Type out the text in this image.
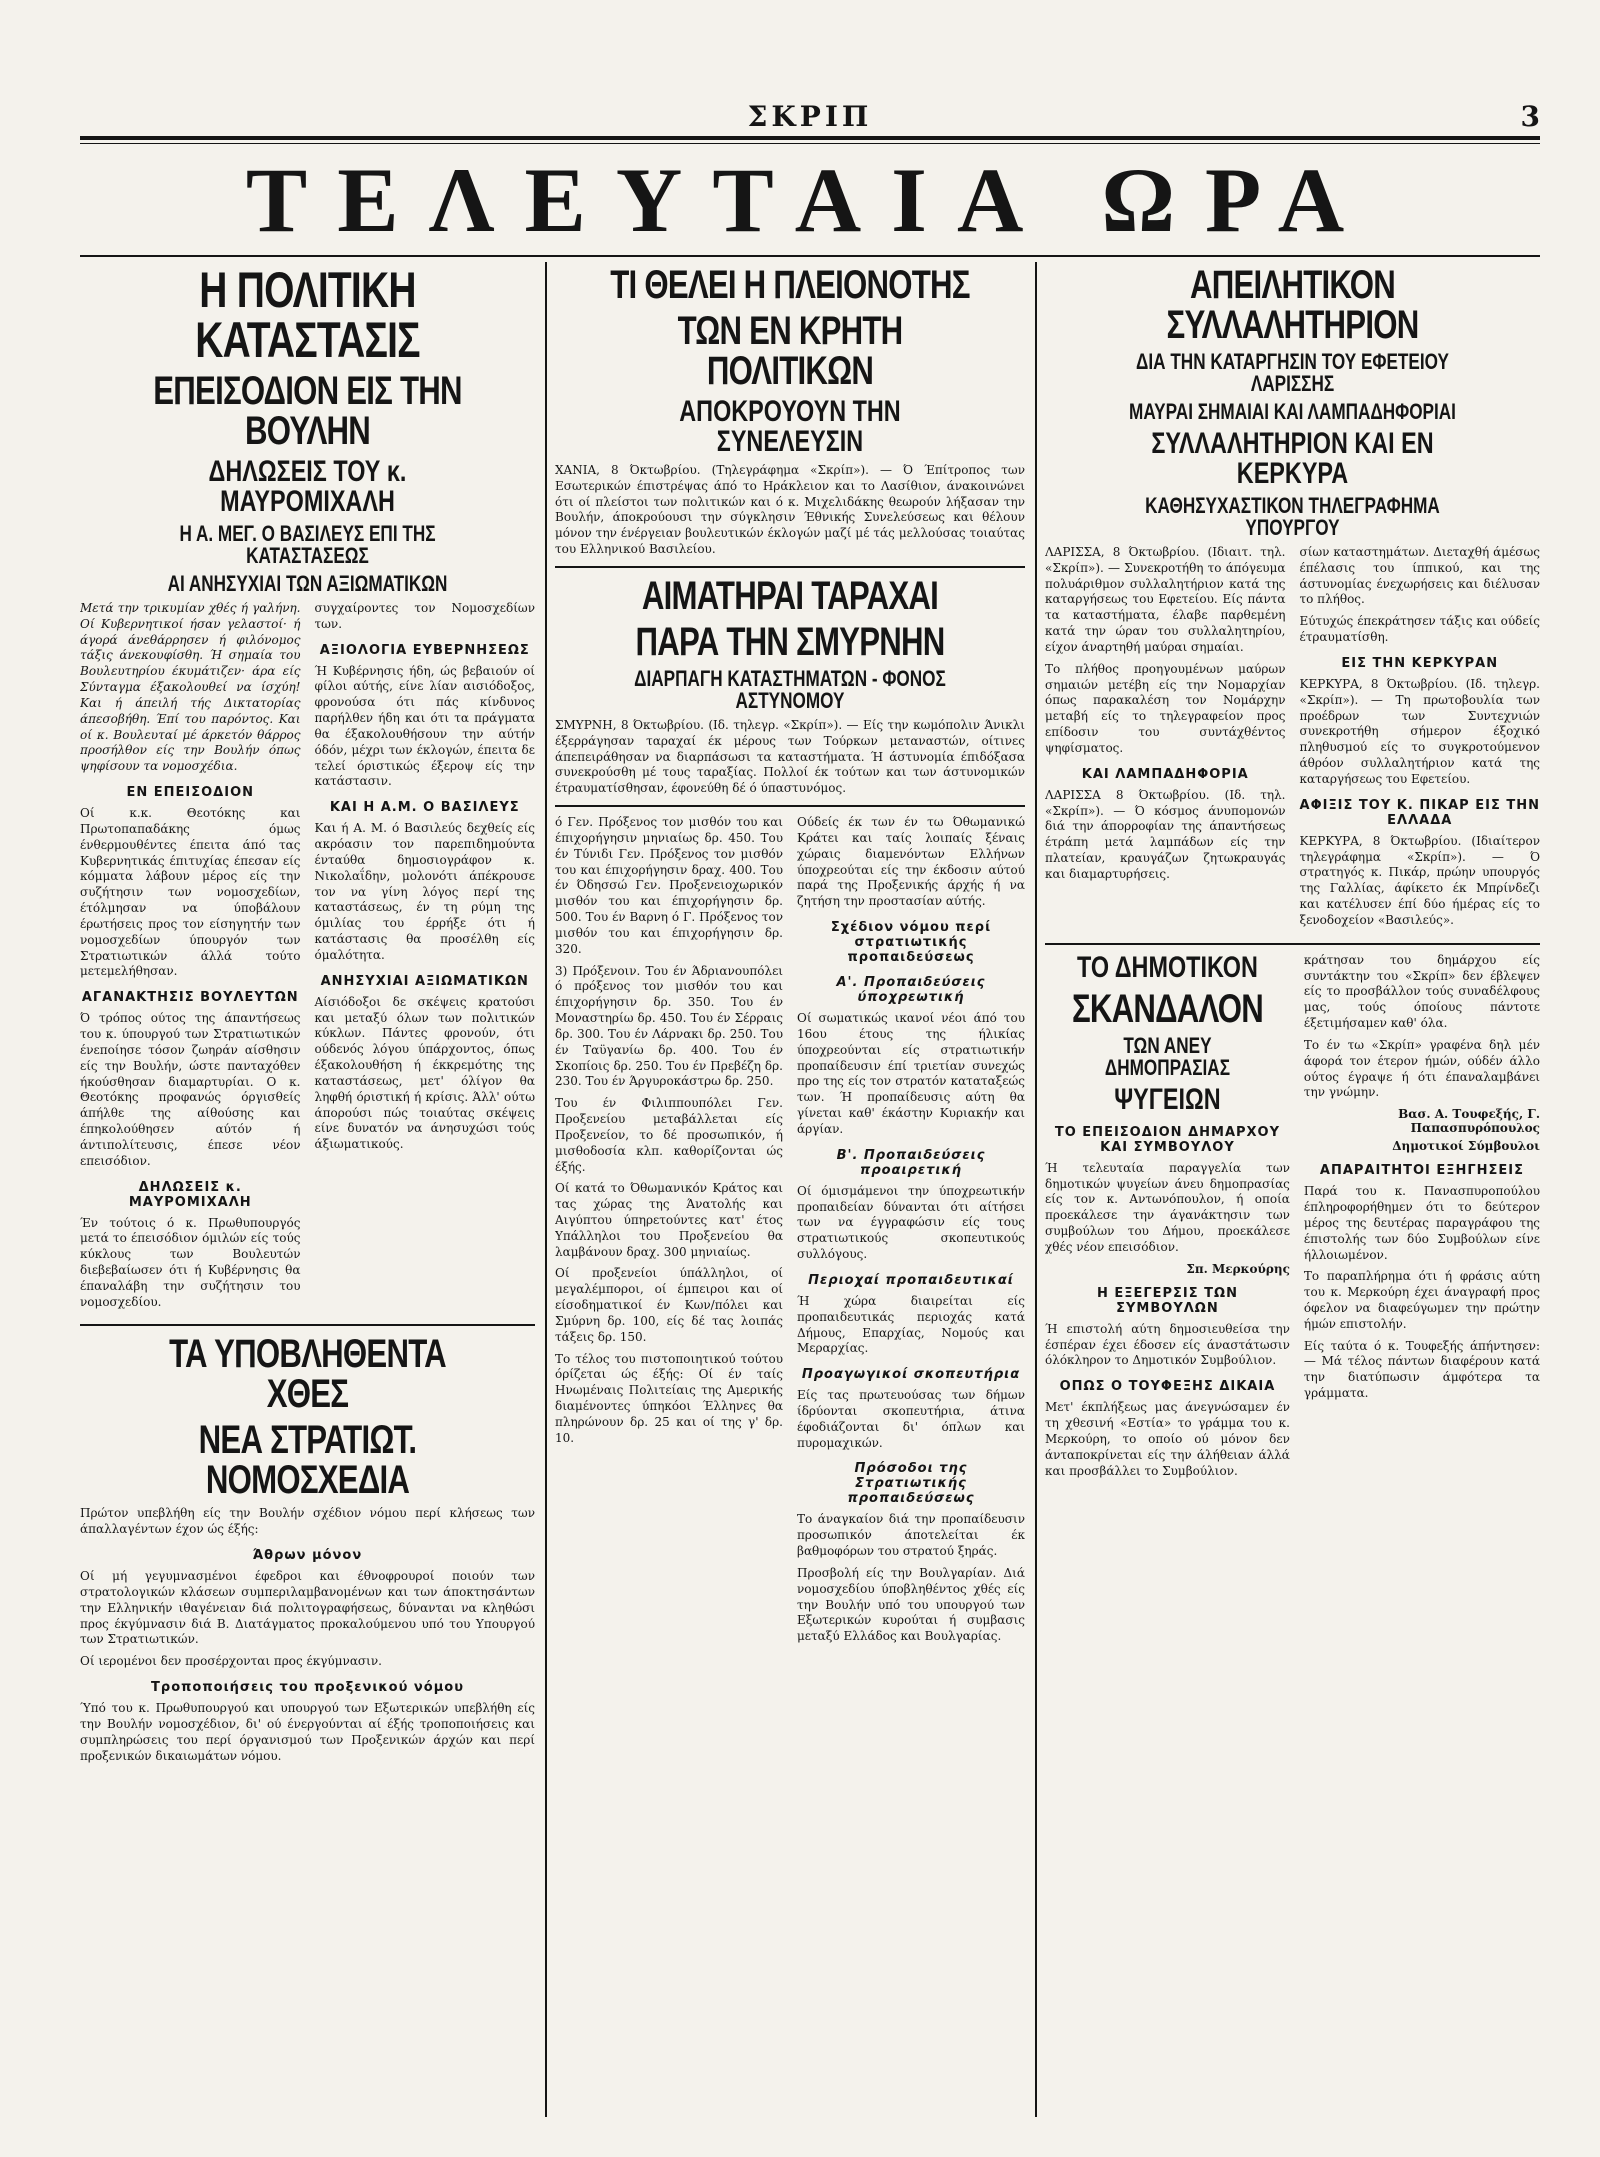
ΣΚΡΙΠ	3
ΤΕΛΕΥΤΑΙΑ ΩΡΑ
Η ΠΟΛΙΤΙΚΗ ΚΑΤΑΣΤΑΣΙΣ
ΕΠΕΙΣΟΔΙΟΝ ΕΙΣ ΤΗΝ ΒΟΥΛΗΝ
ΔΗΛΩΣΕΙΣ ΤΟΥ κ. ΜΑΥΡΟΜΙΧΑΛΗ
Η Α. ΜΕΓ. Ο ΒΑΣΙΛΕΥΣ ΕΠΙ ΤΗΣ ΚΑΤΑΣΤΑΣΕΩΣ
ΑΙ ΑΝΗΣΥΧΙΑΙ ΤΩΝ ΑΞΙΩΜΑΤΙΚΩΝ

Μετά την τρικυμίαν χθές ή γαλήνη. Οί Κυβερνητικοί ήσαν γελαστοί· ή άγορά άνεθάρρησεν ή φιλόνομος τάξις άνεκουφίσθη. Ή σημαία του Βουλευτηρίου έκυμάτιζεν· άρα είς Σύνταγμα έξακολουθεί να ίσχύη! Και ή άπειλή τής Δικτατορίας άπεσοβήθη. Έπί του παρόντος. Και οί κ. Βουλευταί μέ άρκετόν θάρρος προσήλθον είς την Βουλήν όπως ψηφίσουν τα νομοσχέδια.

ΕΝ ΕΠΕΙΣΟΔΙΟΝ

Οί κ.κ. Θεοτόκης και Πρωτοπαπαδάκης όμως ένθερμουθέντες έπειτα άπό τας Κυβερνητικάς έπιτυχίας έπεσαν είς κόμματα λάβουν μέρος είς την συζήτησιν των νομοσχεδίων, έτόλμησαν να ύποβάλουν έρωτήσεις προς τον είσηγητήν των νομοσχεδίων ύπουργόν των Στρατιωτικών άλλά τούτο μετεμελήθησαν.

ΑΓΑΝΑΚΤΗΣΙΣ ΒΟΥΛΕΥΤΩΝ

Ό τρόπος ούτος της άπαντήσεως του κ. ύπουργού των Στρατιωτικών ένεποίησε τόσον ζωηράν αίσθησιν είς την Βουλήν, ώστε πανταχόθεν ήκούσθησαν διαμαρτυρίαι. Ο κ. Θεοτόκης προφανώς όργισθείς άπήλθε της αίθούσης και έπηκολούθησεν αύτόν ή άντιπολίτευσις, έπεσε νέον επεισόδιον.

ΔΗΛΩΣΕΙΣ κ. ΜΑΥΡΟΜΙΧΑΛΗ

Έν τούτοις ό κ. Πρωθυπουργός μετά το έπεισόδιον όμιλών είς τούς κύκλους των Βουλευτών διεβεβαίωσεν ότι ή Κυβέρνησις θα έπαναλάβη την συζήτησιν του νομοσχεδίου.

συγχαίροντες τον Νομοσχεδίων των.

ΑΞΙΟΛΟΓΙΑ ΕΥΒΕΡΝΗΣΕΩΣ

Ή Κυβέρνησις ήδη, ώς βεβαιούν οί φίλοι αύτής, είνε λίαν αισιόδοξος, φρονούσα ότι πάς κίνδυνος παρήλθεν ήδη και ότι τα πράγματα θα έξακολουθήσουν την αύτήν όδόν, μέχρι των έκλογών, έπειτα δε τελεί όριστικώς έξεροψ είς την κατάστασιν.

ΚΑΙ Η Α.Μ. Ο ΒΑΣΙΛΕΥΣ

Και ή Α. Μ. ό Βασιλεύς δεχθείς είς ακρόασιν τον παρεπιδημούντα ένταύθα δημοσιογράφον κ. Νικολαΐδην, μολονότι άπέκρουσε τον να γίνη λόγος περί της καταστάσεως, έν τη ρύμη της όμιλίας του έρρήξε ότι ή κατάστασις θα προσέλθη είς όμαλότητα.

ΑΝΗΣΥΧΙΑΙ ΑΞΙΩΜΑΤΙΚΩΝ

Αίσιόδοξοι δε σκέψεις κρατούσι και μεταξύ όλων των πολιτικών κύκλων. Πάντες φρονούν, ότι ούδενός λόγου ύπάρχοντος, όπως έξακολουθήση ή έκκρεμότης της καταστάσεως, μετ' όλίγον θα ληφθή όριστική ή κρίσις. Άλλ' ούτω άπορούσι πώς τοιαύτας σκέψεις είνε δυνατόν να άνησυχώσι τούς άξιωματικούς.

ΤΑ ΥΠΟΒΛΗΘΕΝΤΑ ΧΘΕΣ
ΝΕΑ ΣΤΡΑΤΙΩΤ. ΝΟΜΟΣΧΕΔΙΑ

Πρώτον υπεβλήθη είς την Βουλήν σχέδιον νόμου περί κλήσεως των άπαλλαγέντων έχον ώς έξής:

Άθρων μόνον

Οί μή γεγυμνασμένοι έφεδροι και έθνοφρουροί ποιούν των στρατολογικών κλάσεων συμπεριλαμβανομένων και των άποκτησάντων την Ελληνικήν ιθαγένειαν διά πολιτογραφήσεως, δύνανται να κληθώσι προς έκγύμνασιν διά Β. Διατάγματος προκαλούμενου υπό του Υπουργού των Στρατιωτικών.

Οί ιερομένοι δεν προσέρχονται προς έκγύμνασιν.

Τροποποιήσεις του προξενικού νόμου

Ύπό του κ. Πρωθυπουργού και υπουργού των Εξωτερικών υπεβλήθη είς την Βουλήν νομοσχέδιον, δι' ού ένεργούνται αί έξής τροποποιήσεις και συμπληρώσεις του περί όργανισμού των Προξενικών άρχών και περί προξενικών δικαιωμάτων νόμου.

ΤΙ ΘΕΛΕΙ Η ΠΛΕΙΟΝΟΤΗΣ
ΤΩΝ ΕΝ ΚΡΗΤΗ ΠΟΛΙΤΙΚΩΝ
ΑΠΟΚΡΟΥΟΥΝ ΤΗΝ ΣΥΝΕΛΕΥΣΙΝ

ΧΑΝΙΑ, 8 Όκτωβρίου. (Τηλεγράφημα «Σκρίπ»). — Ό Έπίτροπος των Εσωτερικών έπιστρέψας άπό το Ηράκλειον και το Λασίθιον, άνακοινώνει ότι οί πλείστοι των πολιτικών και ό κ. Μιχελιδάκης θεωρούν λήξασαν την Βουλήν, άποκρούουσι την σύγκλησιν Έθνικής Συνελεύσεως και θέλουν μόνον την ένέργειαν βουλευτικών έκλογών μαζί μέ τάς μελλούσας τοιαύτας του Ελληνικού Βασιλείου.

ΑΙΜΑΤΗΡΑΙ ΤΑΡΑΧΑΙ
ΠΑΡΑ ΤΗΝ ΣΜΥΡΝΗΝ
ΔΙΑΡΠΑΓΗ ΚΑΤΑΣΤΗΜΑΤΩΝ - ΦΟΝΟΣ ΑΣΤΥΝΟΜΟΥ

ΣΜΥΡΝΗ, 8 Όκτωβρίου. (Ιδ. τηλεγρ. «Σκρίπ»). — Είς την κωμόπολιν Άνικλι έξερράγησαν ταραχαί έκ μέρους των Τούρκων μεταναστών, οίτινες άπεπειράθησαν να διαρπάσωσι τα καταστήματα. Ή άστυνομία έπιδόξασα συνεκρούσθη μέ τους ταραξίας. Πολλοί έκ τούτων και των άστυνομικών έτραυματίσθησαν, έφονεύθη δέ ό ύπαστυνόμος.

ό Γεν. Πρόξενος τον μισθόν του και έπιχορήγησιν μηνιαίως δρ. 450. Του έν Τύνιδι Γεν. Πρόξενος τον μισθόν του και έπιχορήγησιν δραχ. 400. Του έν Όδησσώ Γεν. Προξενειοχωρικόν μισθόν του και έπιχορήγησιν δρ. 500. Του έν Βαρνη ό Γ. Πρόξενος τον μισθόν του και έπιχορήγησιν δρ. 320.

3) Πρόξενοιν. Του έν Άδριανουπόλει ό πρόξενος τον μισθόν του και έπιχορήγησιν δρ. 350. Του έν Μοναστηρίω δρ. 450. Του έν Σέρραις δρ. 300. Του έν Λάρνακι δρ. 250. Του έν Ταϋγανίω δρ. 400. Του έν Σκοπίοις δρ. 250. Του έν Πρεβέζη δρ. 230. Του έν Άργυροκάστρω δρ. 250.

Του έν Φιλιππουπόλει Γεν. Προξενείου μεταβάλλεται είς Προξενείον, το δέ προσωπικόν, ή μισθοδοσία κλπ. καθορίζονται ώς έξής.

Οί κατά το Όθωμανικόν Κράτος και τας χώρας της Άνατολής και Αιγύπτου ύπηρετούντες κατ' έτος Υπάλληλοι του Προξενείου θα λαμβάνουν δραχ. 300 μηνιαίως.

Οί προξενείοι ύπάλληλοι, οί μεγαλέμποροι, οί έμπειροι και οί είσοδηματικοί έν Κων/πόλει και Σμύρνη δρ. 100, είς δέ τας λοιπάς τάξεις δρ. 150.

Το τέλος του πιστοποιητικού τούτου όρίζεται ώς έξής: Οί έν ταίς Ηνωμέναις Πολιτείαις της Αμερικής διαμένοντες ύπηκόοι Έλληνες θα πληρώνουν δρ. 25 και οί της γ' δρ. 10.

Ούδείς έκ των έν τω Όθωμανικώ Κράτει και ταίς λοιπαίς ξέναις χώραις διαμενόντων Ελλήνων ύποχρεούται είς την έκδοσιν αύτού παρά της Προξενικής άρχής ή να ζητήση την προστασίαν αύτής.

Σχέδιον νόμου περί στρατιωτικής προπαιδεύσεως
Α'. Προπαιδεύσεις ύποχρεωτική

Οί σωματικώς ικανοί νέοι άπό του 16ου έτους της ήλικίας ύποχρεούνται είς στρατιωτικήν προπαίδευσιν έπί τριετίαν συνεχώς προ της είς τον στρατόν καταταξεώς των. Ή προπαίδευσις αύτη θα γίνεται καθ' έκάστην Κυριακήν και άργίαν.

Β'. Προπαιδεύσεις προαιρετική

Οί όμισμάμενοι την ύποχρεωτικήν προπαιδείαν δύνανται ότι αίτήσει των να έγγραφώσιν είς τους στρατιωτικούς σκοπευτικούς συλλόγους.

Περιοχαί προπαιδευτικαί

Ή χώρα διαιρείται είς προπαιδευτικάς περιοχάς κατά Δήμους, Επαρχίας, Νομούς και Μεραρχίας.

Προαγωγικοί σκοπευτήρια

Είς τας πρωτευούσας των δήμων ίδρύονται σκοπευτήρια, άτινα έφοδιάζονται δι' όπλων και πυρομαχικών.

Πρόσοδοι της Στρατιωτικής προπαιδεύσεως

Το άναγκαίον διά την προπαίδευσιν προσωπικόν άποτελείται έκ βαθμοφόρων του στρατού ξηράς.

Προσβολή είς την Βουλγαρίαν. Διά νομοσχεδίου ύποβληθέντος χθές είς την Βουλήν υπό του υπουργού των Εξωτερικών κυρούται ή συμβασις μεταξύ Ελλάδος και Βουλγαρίας.

ΑΠΕΙΛΗΤΙΚΟΝ ΣΥΛΛΑΛΗΤΗΡΙΟΝ
ΔΙΑ ΤΗΝ ΚΑΤΑΡΓΗΣΙΝ ΤΟΥ ΕΦΕΤΕΙΟΥ ΛΑΡΙΣΣΗΣ
ΜΑΥΡΑΙ ΣΗΜΑΙΑΙ ΚΑΙ ΛΑΜΠΑΔΗΦΟΡΙΑΙ
ΣΥΛΛΑΛΗΤΗΡΙΟΝ ΚΑΙ ΕΝ ΚΕΡΚΥΡΑ
ΚΑΘΗΣΥΧΑΣΤΙΚΟΝ ΤΗΛΕΓΡΑΦΗΜΑ ΥΠΟΥΡΓΟΥ

ΛΑΡΙΣΣΑ, 8 Όκτωβρίου. (Ιδιαιτ. τηλ. «Σκρίπ»). — Συνεκροτήθη το άπόγευμα πολυάριθμον συλλαλητήριον κατά της καταργήσεως του Εφετείου. Είς πάντα τα καταστήματα, έλαβε παρθεμένη κατά την ώραν του συλλαλητηρίου, είχον άναρτηθή μαύραι σημαίαι.

Το πλήθος προηγουμένων μαύρων σημαιών μετέβη είς την Νομαρχίαν όπως παρακαλέση τον Νομάρχην μεταβή είς το τηλεγραφείον προς επίδοσιν του συντάχθέντος ψηφίσματος.

ΚΑΙ ΛΑΜΠΑΔΗΦΟΡΙΑ

ΛΑΡΙΣΣΑ 8 Όκτωβρίου. (Ιδ. τηλ. «Σκρίπ»). — Ό κόσμος άνυπομονών διά την άπορροφίαν της άπαντήσεως έτράπη μετά λαμπάδων είς την πλατείαν, κραυγάζων ζητωκραυγάς και διαμαρτυρήσεις.

σίων καταστημάτων. Διεταχθή άμέσως έπέλασις του ίππικού, και της άστυνομίας ένεχωρήσεις και διέλυσαν το πλήθος.

Εύτυχώς έπεκράτησεν τάξις και ούδείς έτραυματίσθη.

ΕΙΣ ΤΗΝ ΚΕΡΚΥΡΑΝ

ΚΕΡΚΥΡΑ, 8 Όκτωβρίου. (Ιδ. τηλεγρ. «Σκρίπ»). — Τη πρωτοβουλία των προέδρων των Συντεχνιών συνεκροτήθη σήμερον έξοχικό πληθυσμού είς το συγκροτούμενον άθρόον συλλαλητήριον κατά της καταργήσεως του Εφετείου.

ΑΦΙΞΙΣ ΤΟΥ Κ. ΠΙΚΑΡ ΕΙΣ ΤΗΝ ΕΛΛΑΔΑ

ΚΕΡΚΥΡΑ, 8 Όκτωβρίου. (Ιδιαίτερον τηλεγράφημα «Σκρίπ»). — Ό στρατηγός κ. Πικάρ, πρώην υπουργός της Γαλλίας, άφίκετο έκ Μπρίνδεζι και κατέλυσεν έπί δύο ήμέρας είς το ξενοδοχείον «Βασιλεύς».

ΤΟ ΔΗΜΟΤΙΚΟΝ
ΣΚΑΝΔΑΛΟΝ
ΤΩΝ ΑΝΕΥ ΔΗΜΟΠΡΑΣΙΑΣ
ΨΥΓΕΙΩΝ
ΤΟ ΕΠΕΙΣΟΔΙΟΝ ΔΗΜΑΡΧΟΥ ΚΑΙ ΣΥΜΒΟΥΛΟΥ

Ή τελευταία παραγγελία των δημοτικών ψυγείων άνευ δημοπρασίας είς τον κ. Αντωνόπουλον, ή οποία προεκάλεσε την άγανάκτησιν των συμβούλων του Δήμου, προεκάλεσε χθές νέον επεισόδιον.

Σπ. Μερκούρης
Η ΕΞΕΓΕΡΣΙΣ ΤΩΝ ΣΥΜΒΟΥΛΩΝ

Ή επιστολή αύτη δημοσιευθείσα την έσπέραν έχει έδοσεν είς άναστάτωσιν όλόκληρον το Δημοτικόν Συμβούλιον.

ΟΠΩΣ Ο ΤΟΥΦΕΞΗΣ ΔΙΚΑΙΑ

Μετ' έκπλήξεως μας άνεγνώσαμεν έν τη χθεσινή «Εστία» το γράμμα του κ. Μερκούρη, το οποίο ού μόνον δεν άνταποκρίνεται είς την άλήθειαν άλλά και προσβάλλει το Συμβούλιον.

κράτησαν του δημάρχου είς συντάκτην του «Σκρίπ» δεν έβλεψεν είς το προσβάλλον τούς συναδέλφους μας, τούς όποίους πάντοτε έξετιμήσαμεν καθ' όλα.

Το έν τω «Σκρίπ» γραφένα δηλ μέν άφορά τον έτερον ήμών, ούδέν άλλο ούτος έγραψε ή ότι έπαναλαμβάνει την γνώμην.

Βασ. Α. Τουφεξής, Γ. Παπασπυρόπουλος
Δημοτικοί Σύμβουλοι
ΑΠΑΡΑΙΤΗΤΟΙ ΕΞΗΓΗΣΕΙΣ

Παρά του κ. Πανασπυροπούλου έπληροφορήθημεν ότι το δεύτερον μέρος της δευτέρας παραγράφου της έπιστολής των δύο Συμβούλων είνε ήλλοιωμένον.

Το παραπλήρημα ότι ή φράσις αύτη του κ. Μερκούρη έχει άναγραφή προς όφελον να διαφεύγωμεν την πρώτην ήμών επιστολήν.

Είς ταύτα ό κ. Τουφεξής άπήντησεν: — Μά τέλος πάντων διαφέρουν κατά την διατύπωσιν άμφότερα τα γράμματα.
